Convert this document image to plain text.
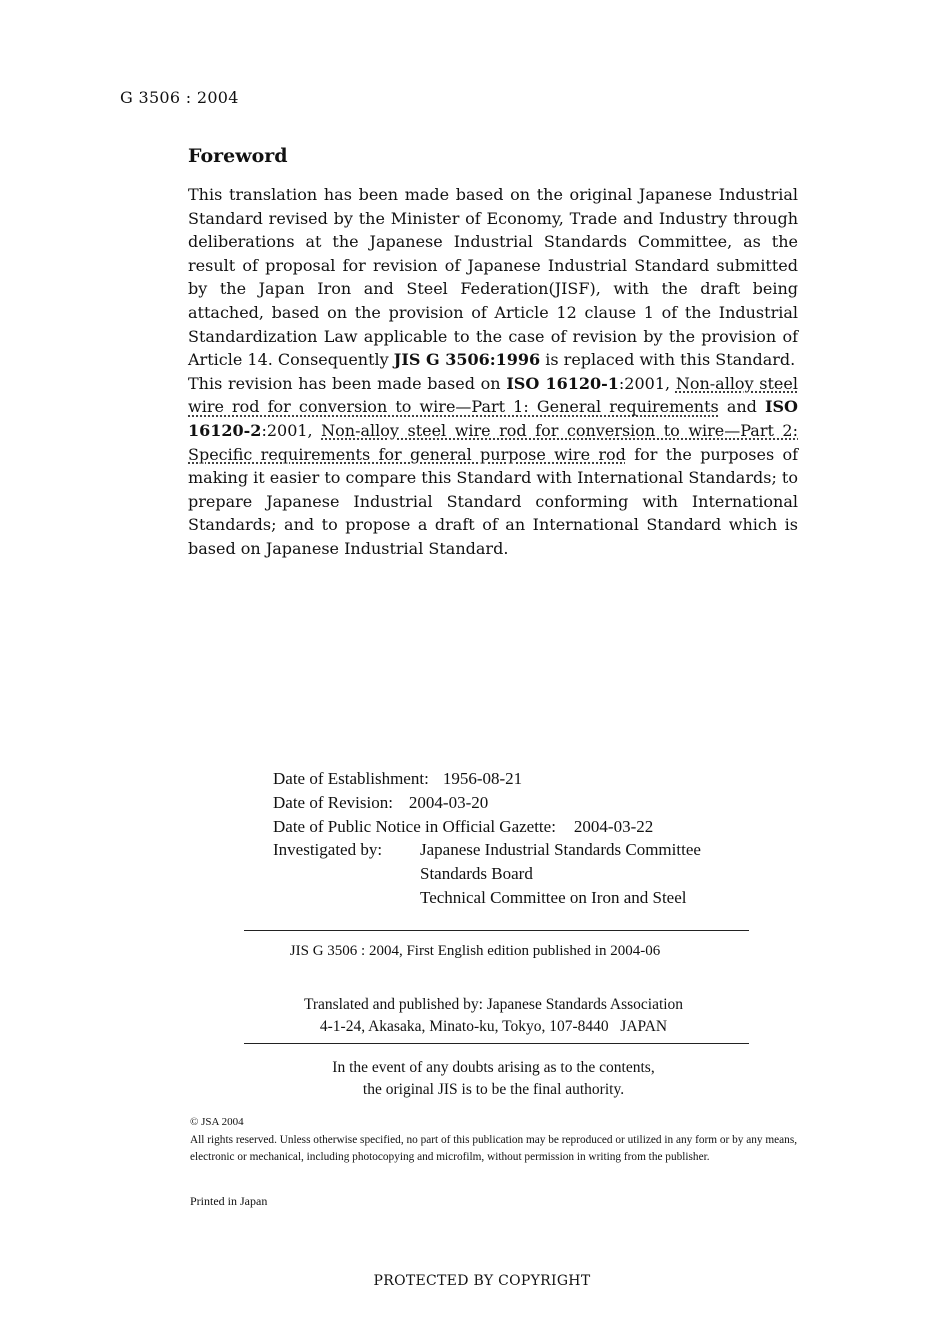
G 3506 : 2004
Foreword

This translation has been made based on the original Japanese Industrial Standard revised by the Minister of Economy, Trade and Industry through deliberations at the Japanese Industrial Standards Committee, as the result of proposal for revision of Japanese Industrial Standard submitted by the Japan Iron and Steel Federation(JISF), with the draft being attached, based on the provision of Article 12 clause 1 of the Industrial Standardization Law applicable to the case of revision by the provision of Article 14. Consequently JIS G 3506:1996 is replaced with this Standard.

This revision has been made based on ISO 16120-1:2001, Non-alloy steel wire rod for conversion to wire—Part 1: General requirements and ISO 16120-2:2001, Non-alloy steel wire rod for conversion to wire—Part 2: Specific requirements for general purpose wire rod for the purposes of making it easier to compare this Standard with International Standards; to prepare Japanese Industrial Standard conforming with International Standards; and to propose a draft of an International Standard which is based on Japanese Industrial Standard.

Date of Establishment: 1956-08-21
Date of Revision: 2004-03-20
Date of Public Notice in Official Gazette: 2004-03-22
Investigated by: Japanese Industrial Standards Committee
Standards Board
Technical Committee on Iron and Steel
JIS G 3506 : 2004, First English edition published in 2004-06
Translated and published by: Japanese Standards Association
4-1-24, Akasaka, Minato-ku, Tokyo, 107-8440   JAPAN
In the event of any doubts arising as to the contents,
the original JIS is to be the final authority.
© JSA 2004
All rights reserved. Unless otherwise specified, no part of this publication may be reproduced or utilized in any form or by any means, electronic or mechanical, including photocopying and microfilm, without permission in writing from the publisher.
Printed in Japan
PROTECTED BY COPYRIGHT
